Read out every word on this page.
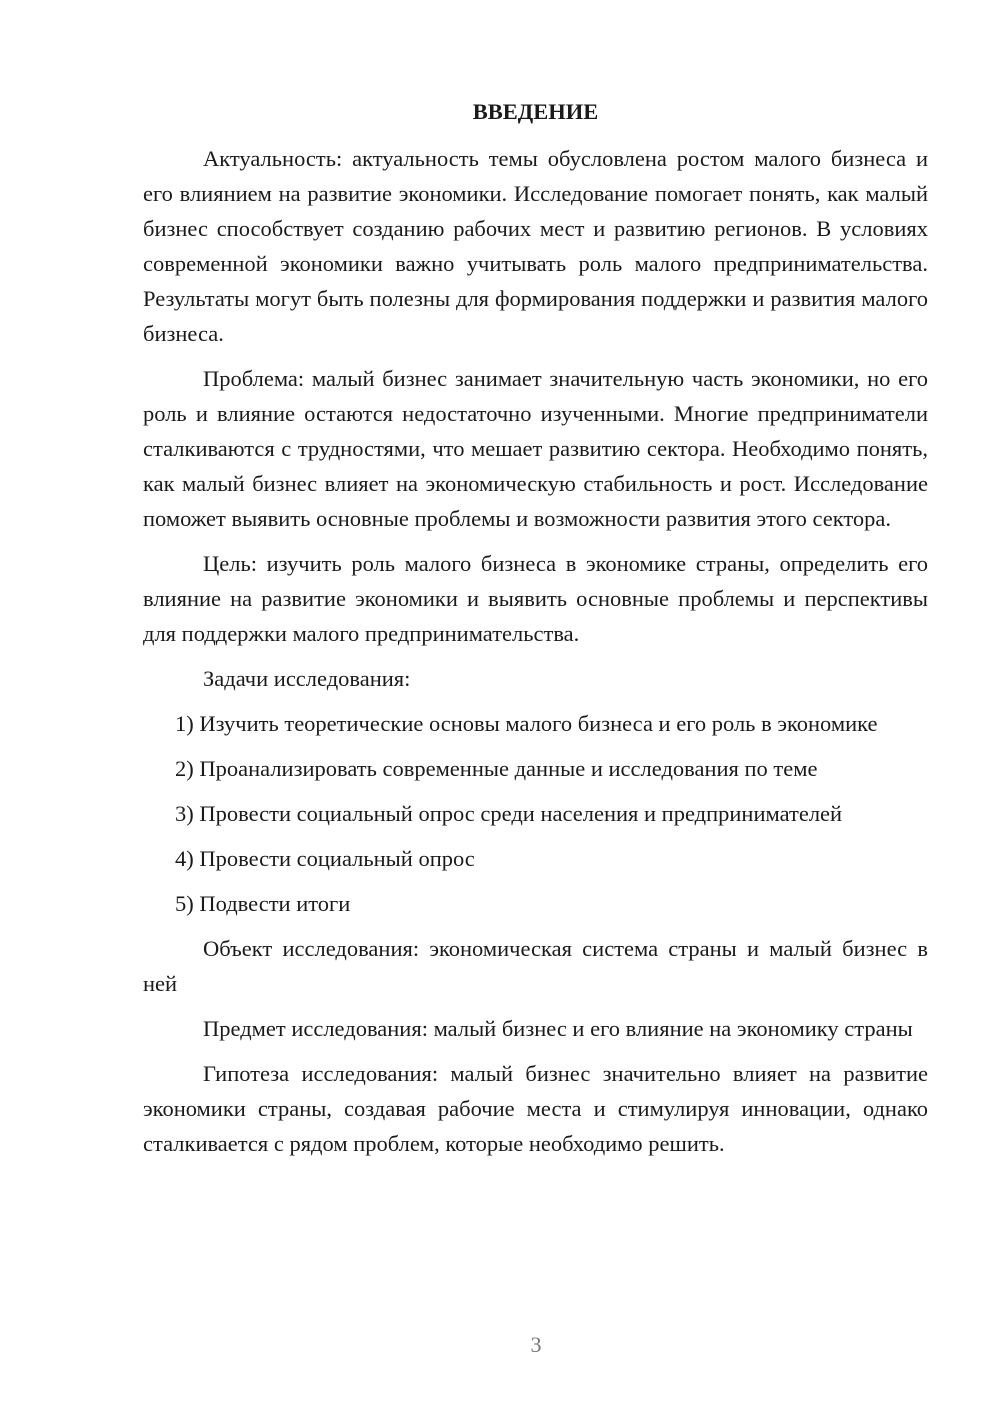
ВВЕДЕНИЕ

Актуальность: актуальность темы обусловлена ростом малого бизнеса и его влиянием на развитие экономики. Исследование помогает понять, как малый бизнес способствует созданию рабочих мест и развитию регионов. В условиях современной экономики важно учитывать роль малого предпринимательства. Результаты могут быть полезны для формирования поддержки и развития малого бизнеса.

Проблема: малый бизнес занимает значительную часть экономики, но его роль и влияние остаются недостаточно изученными. Многие предприниматели сталкиваются с трудностями, что мешает развитию сектора. Необходимо понять, как малый бизнес влияет на экономическую стабильность и рост. Исследование поможет выявить основные проблемы и возможности развития этого сектора.

Цель: изучить роль малого бизнеса в экономике страны, определить его влияние на развитие экономики и выявить основные проблемы и перспективы для поддержки малого предпринимательства.

Задачи исследования:

1) Изучить теоретические основы малого бизнеса и его роль в экономике

2) Проанализировать современные данные и исследования по теме

3) Провести социальный опрос среди населения и предпринимателей

4) Провести социальный опрос

5) Подвести итоги

Объект исследования: экономическая система страны и малый бизнес в ней

Предмет исследования: малый бизнес и его влияние на экономику страны

Гипотеза исследования: малый бизнес значительно влияет на развитие экономики страны, создавая рабочие места и стимулируя инновации, однако сталкивается с рядом проблем, которые необходимо решить.

3
